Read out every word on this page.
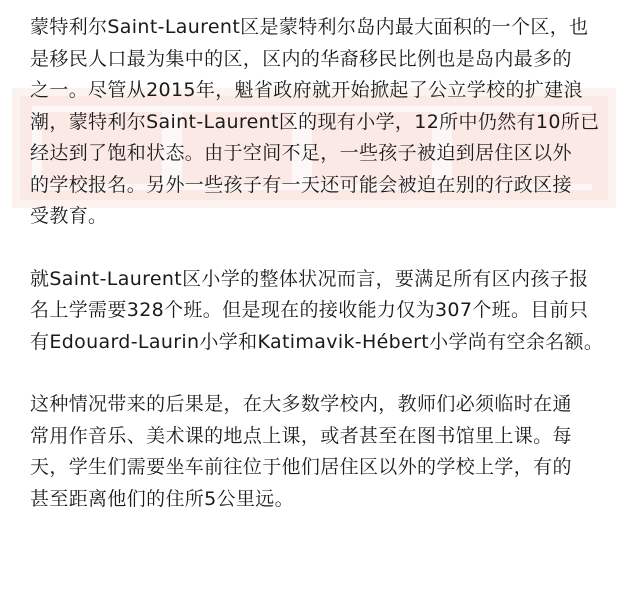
蒙特利尔Saint-Laurent区是蒙特利尔岛内最大面积的一个区，也
是移民人口最为集中的区，区内的华裔移民比例也是岛内最多的
之一。尽管从2015年，魁省政府就开始掀起了公立学校的扩建浪
潮，蒙特利尔Saint-Laurent区的现有小学，12所中仍然有10所已
经达到了饱和状态。由于空间不足，一些孩子被迫到居住区以外
的学校报名。另外一些孩子有一天还可能会被迫在别的行政区接
受教育。

就Saint-Laurent区小学的整体状况而言，要满足所有区内孩子报
名上学需要328个班。但是现在的接收能力仅为307个班。目前只
有Edouard-Laurin小学和Katimavik-Hébert小学尚有空余名额。

这种情况带来的后果是，在大多数学校内，教师们必须临时在通
常用作音乐、美术课的地点上课，或者甚至在图书馆里上课。每
天，学生们需要坐车前往位于他们居住区以外的学校上学，有的
甚至距离他们的住所5公里远。
